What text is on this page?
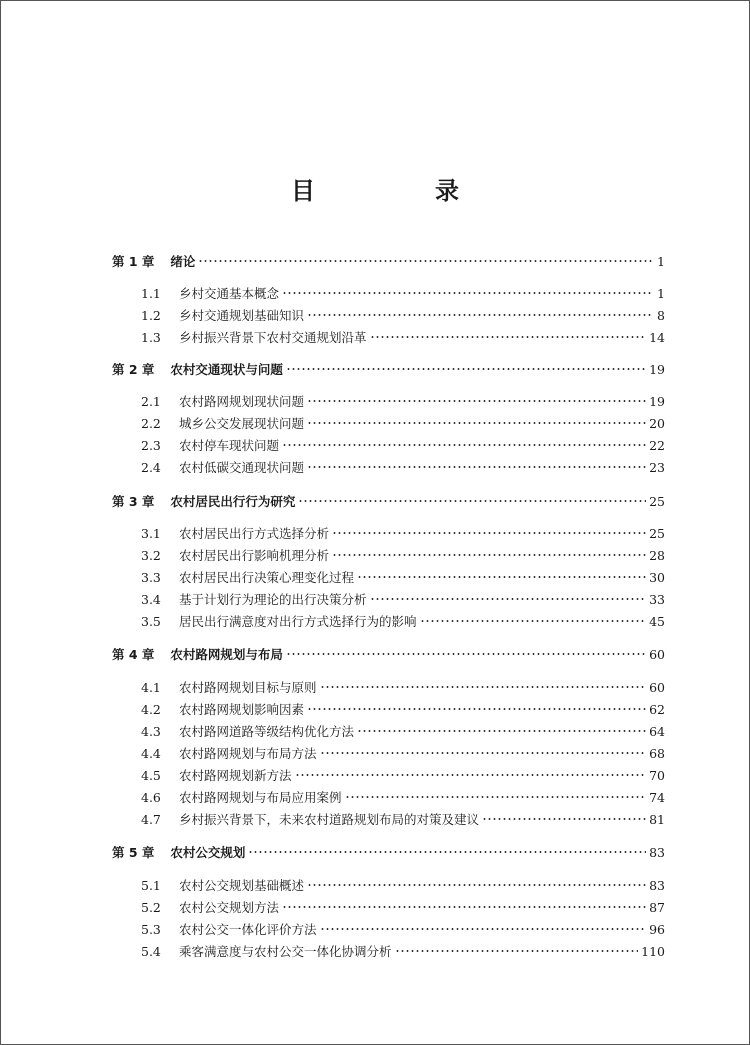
目　录
第 1 章 绪论	1
1.1	乡村交通基本概念	1
1.2	乡村交通规划基础知识	8
1.3	乡村振兴背景下农村交通规划沿革	14
第 2 章 农村交通现状与问题	19
2.1	农村路网规划现状问题	19
2.2	城乡公交发展现状问题	20
2.3	农村停车现状问题	22
2.4	农村低碳交通现状问题	23
第 3 章 农村居民出行行为研究	25
3.1	农村居民出行方式选择分析	25
3.2	农村居民出行影响机理分析	28
3.3	农村居民出行决策心理变化过程	30
3.4	基于计划行为理论的出行决策分析	33
3.5	居民出行满意度对出行方式选择行为的影响	45
第 4 章 农村路网规划与布局	60
4.1	农村路网规划目标与原则	60
4.2	农村路网规划影响因素	62
4.3	农村路网道路等级结构优化方法	64
4.4	农村路网规划与布局方法	68
4.5	农村路网规划新方法	70
4.6	农村路网规划与布局应用案例	74
4.7	乡村振兴背景下，未来农村道路规划布局的对策及建议	81
第 5 章 农村公交规划	83
5.1	农村公交规划基础概述	83
5.2	农村公交规划方法	87
5.3	农村公交一体化评价方法	96
5.4	乘客满意度与农村公交一体化协调分析	110
